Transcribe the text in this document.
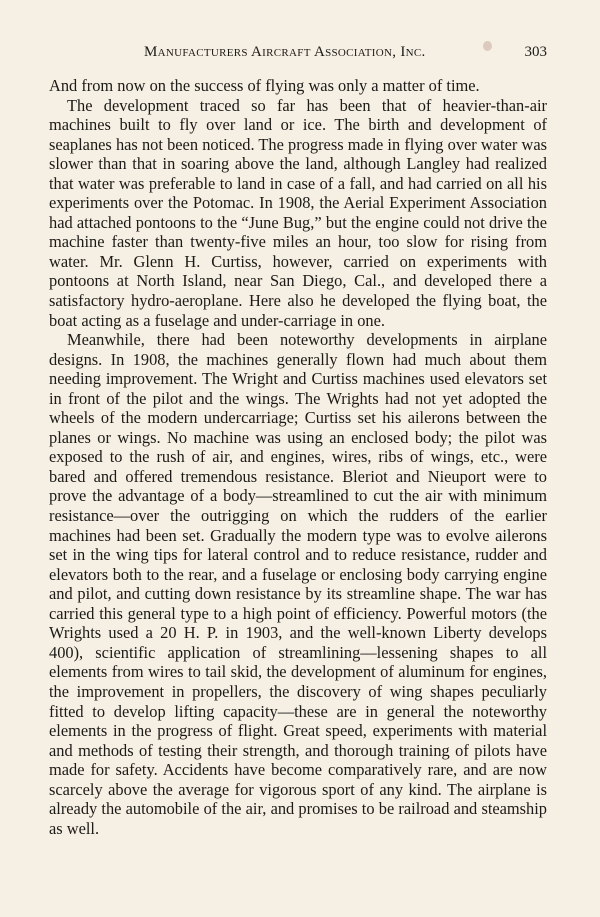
Manufacturers Aircraft Association, Inc.	303

And from now on the success of flying was only a matter of time.

The development traced so far has been that of heavier-than-air machines built to fly over land or ice. The birth and development of seaplanes has not been noticed. The progress made in flying over water was slower than that in soaring above the land, although Langley had realized that water was preferable to land in case of a fall, and had carried on all his experiments over the Potomac. In 1908, the Aerial Experiment Association had attached pontoons to the “June Bug,” but the engine could not drive the machine faster than twenty-five miles an hour, too slow for rising from water. Mr. Glenn H. Curtiss, however, carried on experiments with pontoons at North Island, near San Diego, Cal., and developed there a satisfactory hydro-aeroplane. Here also he developed the flying boat, the boat acting as a fuselage and under-carriage in one.

Meanwhile, there had been noteworthy developments in airplane designs. In 1908, the machines generally flown had much about them needing improvement. The Wright and Curtiss machines used elevators set in front of the pilot and the wings. The Wrights had not yet adopted the wheels of the modern undercarriage; Curtiss set his ailerons between the planes or wings. No machine was using an enclosed body; the pilot was exposed to the rush of air, and engines, wires, ribs of wings, etc., were bared and offered tremendous resistance. Bleriot and Nieuport were to prove the advantage of a body—streamlined to cut the air with minimum resistance—over the outrigging on which the rudders of the earlier machines had been set. Gradually the modern type was to evolve ailerons set in the wing tips for lateral control and to reduce resistance, rudder and elevators both to the rear, and a fuselage or enclosing body carrying engine and pilot, and cutting down resistance by its streamline shape. The war has carried this general type to a high point of efficiency. Powerful motors (the Wrights used a 20 H. P. in 1903, and the well-known Liberty develops 400), scientific application of streamlining—lessening shapes to all elements from wires to tail skid, the development of aluminum for engines, the improvement in propellers, the discovery of wing shapes peculiarly fitted to develop lifting capacity—these are in general the noteworthy elements in the progress of flight. Great speed, experiments with material and methods of testing their strength, and thorough training of pilots have made for safety. Accidents have become comparatively rare, and are now scarcely above the average for vigorous sport of any kind. The airplane is already the automobile of the air, and promises to be railroad and steamship as well.
